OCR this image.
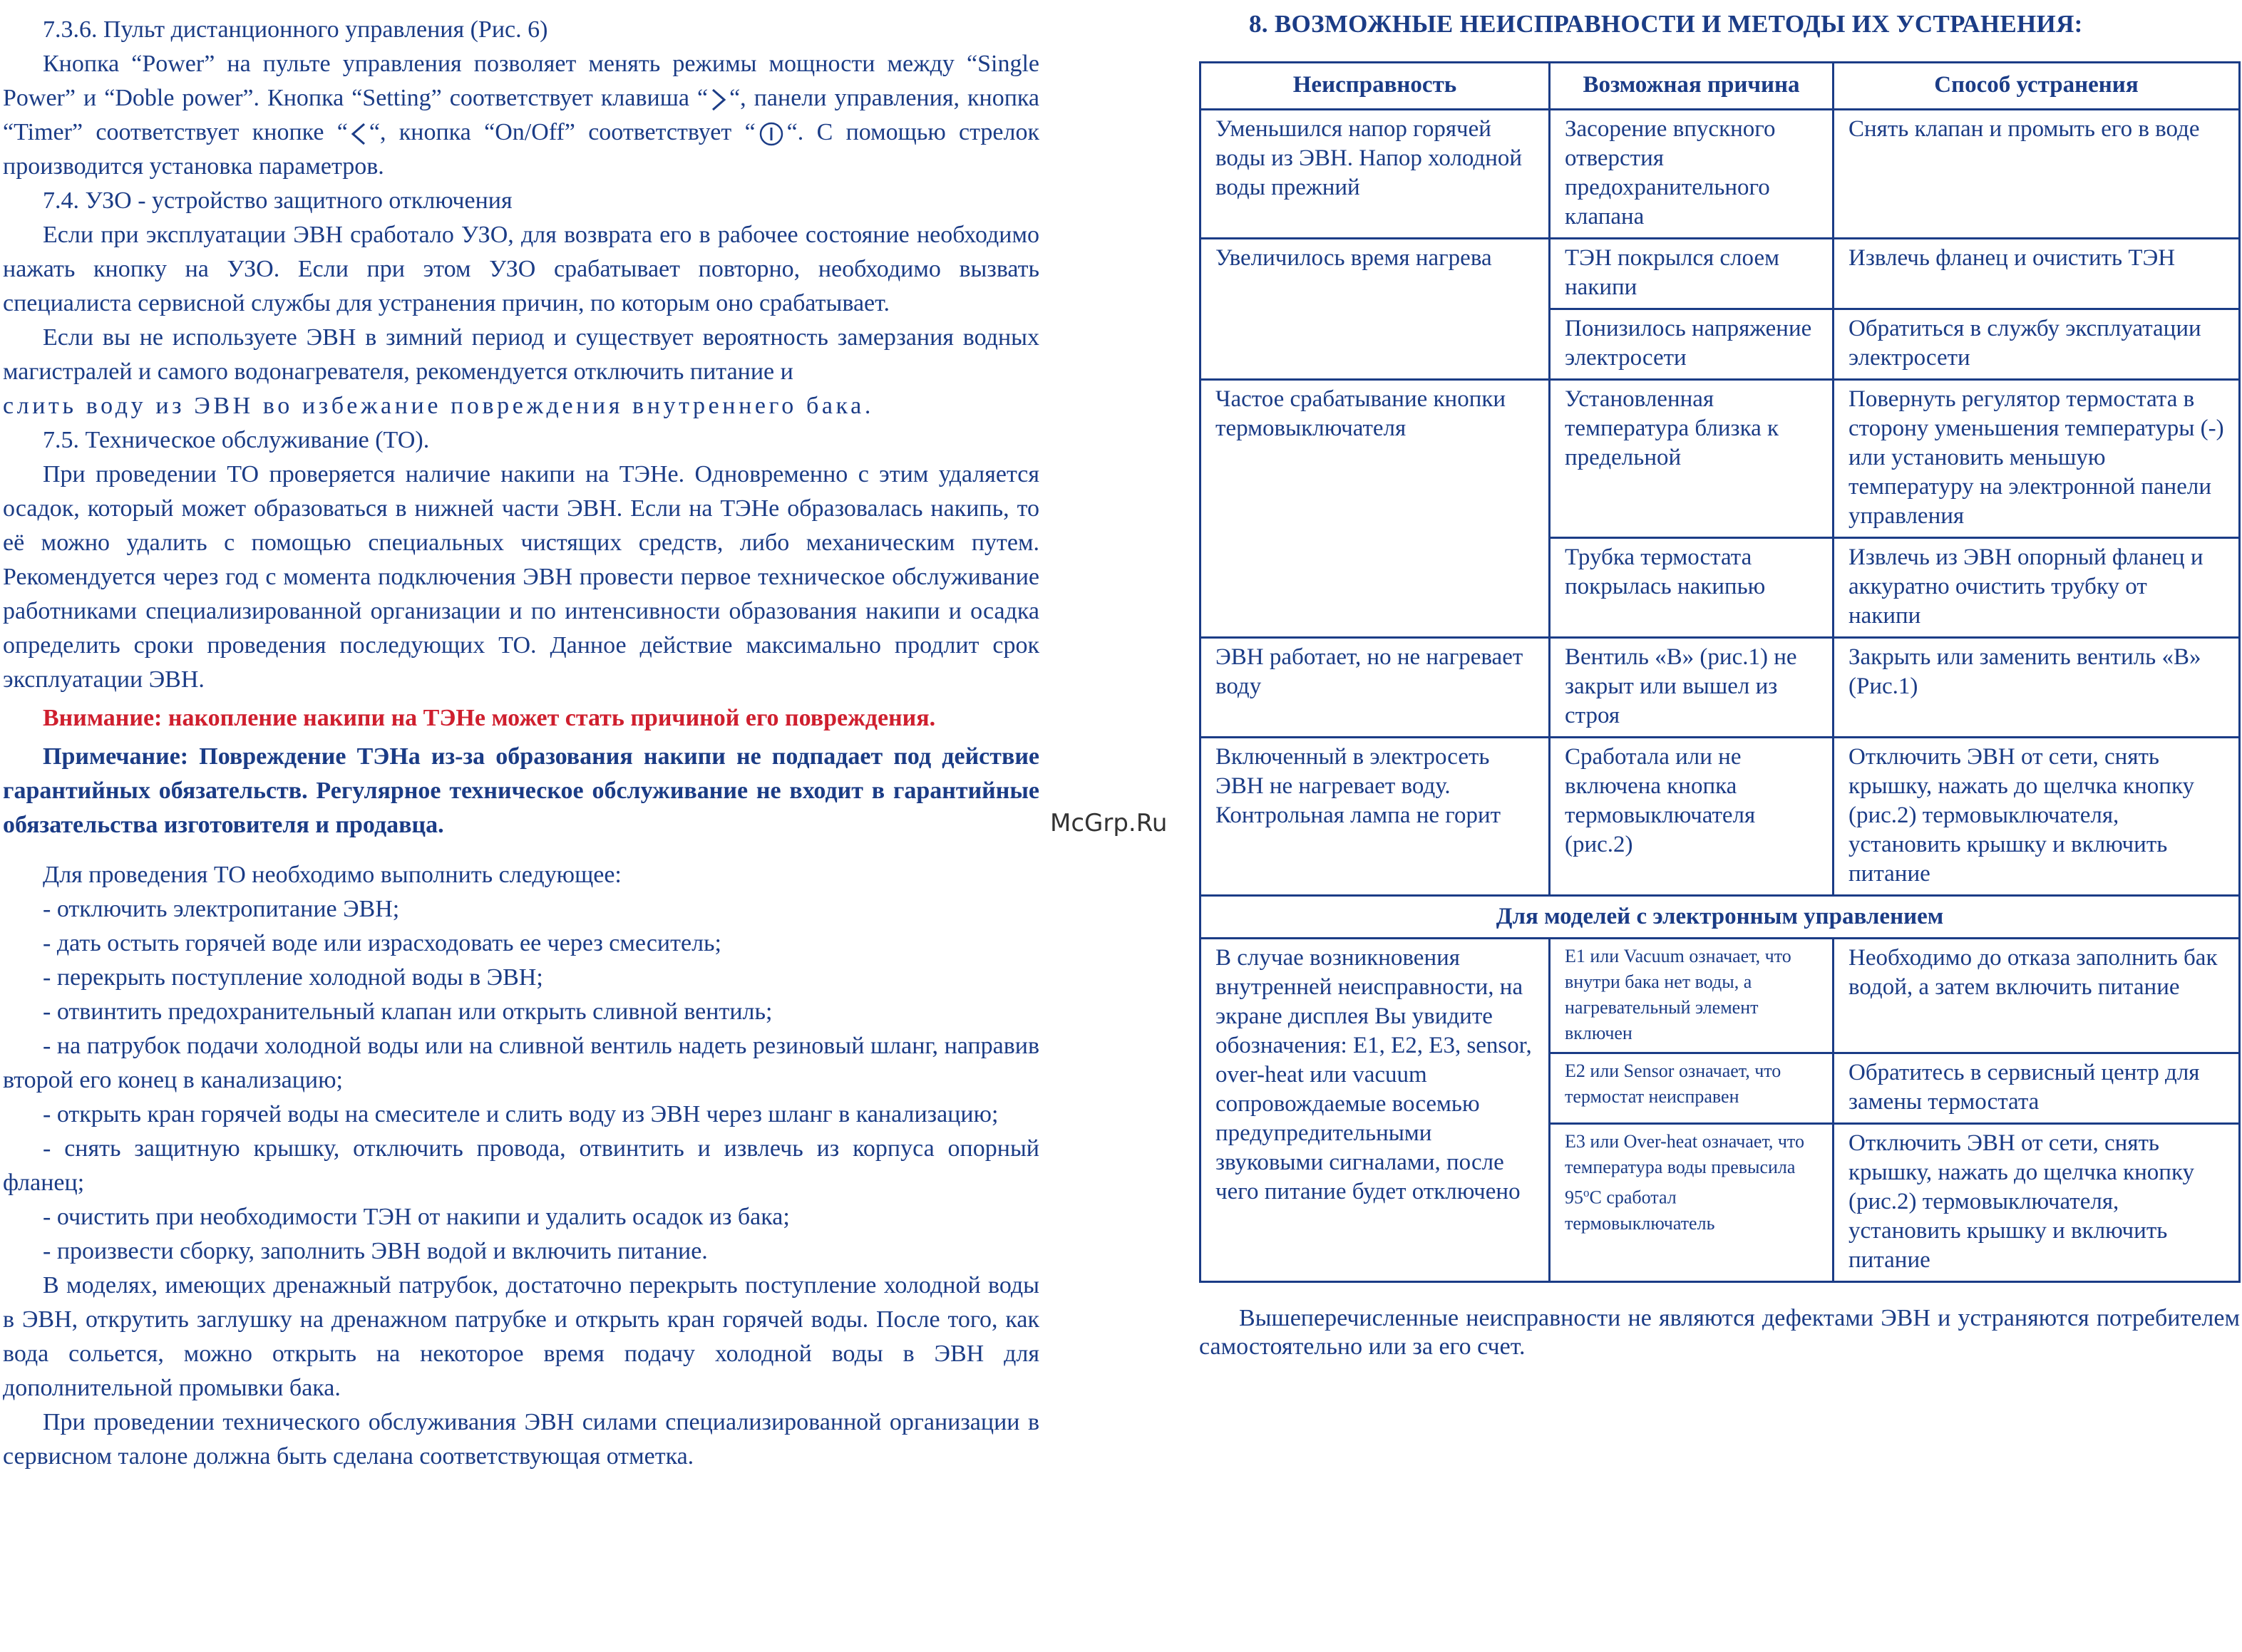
7.3.6. Пульт дистанционного управления (Рис. 6)

Кнопка “Power” на пульте управления позволяет менять режимы мощности между “Single Power” и “Doble power”. Кнопка “Setting” соответствует клавиша “ “, панели управления, кнопка “Timer” соответствует кнопке “ “, кнопка “On/Off” соответствует “ “. С помощью стрелок производится установка параметров.

7.4. УЗО - устройство защитного отключения

Если при эксплуатации ЭВН сработало УЗО, для возврата его в рабочее состояние необходимо нажать кнопку на УЗО. Если при этом УЗО срабатывает повторно, необходимо вызвать специалиста сервисной службы для устранения причин, по которым оно срабатывает.

Если вы не используете ЭВН в зимний период и существует вероятность замерзания водных магистралей и самого водонагревателя, рекомендуется отключить питание и

слить воду из ЭВН во избежание повреждения внутреннего бака.

7.5. Техническое обслуживание (ТО).

При проведении ТО проверяется наличие накипи на ТЭНе. Одновременно с этим удаляется осадок, который может образоваться в нижней части ЭВН. Если на ТЭНе образовалась накипь, то её можно удалить с помощью специальных чистящих средств, либо механическим путем. Рекомендуется через год с момента подключения ЭВН провести первое техническое обслуживание работниками специализированной организации и по интенсивности образования накипи и осадка определить сроки проведения последующих ТО. Данное действие максимально продлит срок эксплуатации ЭВН.

Внимание: накопление накипи на ТЭНе может стать причиной его повреждения.

Примечание: Повреждение ТЭНа из-за образования накипи не подпадает под действие гарантийных обязательств. Регулярное техническое обслуживание не входит в гарантийные обязательства изготовителя и продавца.

Для проведения ТО необходимо выполнить следующее:

- отключить электропитание ЭВН;

- дать остыть горячей воде или израсходовать ее через смеситель;

- перекрыть поступление холодной воды в ЭВН;

- отвинтить предохранительный клапан или открыть сливной вентиль;

- на патрубок подачи холодной воды или на сливной вентиль надеть резиновый шланг, направив второй его конец в канализацию;

- открыть кран горячей воды на смесителе и слить воду из ЭВН через шланг в канализацию;

- снять защитную крышку, отключить провода, отвинтить и извлечь из корпуса опорный фланец;

- очистить при необходимости ТЭН от накипи и удалить осадок из бака;

- произвести сборку, заполнить ЭВН водой и включить питание.

В моделях, имеющих дренажный патрубок, достаточно перекрыть поступление холодной воды в ЭВН, открутить заглушку на дренажном патрубке и открыть кран горячей воды. После того, как вода сольется, можно открыть на некоторое время подачу холодной воды в ЭВН для дополнительной промывки бака.

При проведении технического обслуживания ЭВН силами специализированной организации в сервисном талоне должна быть сделана соответствующая отметка.

McGrp.Ru
8. ВОЗМОЖНЫЕ НЕИСПРАВНОСТИ И МЕТОДЫ ИХ УСТРАНЕНИЯ:
Неисправность	Возможная причина	Способ устранения
Уменьшился напор горячей воды из ЭВН. Напор холодной воды прежний	Засорение впускного отверстия предохранительного клапана	Снять клапан и промыть его в воде
Увеличилось время нагрева	ТЭН покрылся слоем накипи	Извлечь фланец и очистить ТЭН
	Понизилось напряжение электросети	Обратиться в службу эксплуатации электросети
Частое срабатывание кнопки термовыключателя	Установленная температура близка к предельной	Повернуть регулятор термостата в сторону уменьшения температуры (-) или установить меньшую температуру на электронной панели управления
	Трубка термостата покрылась накипью	Извлечь из ЭВН опорный фланец и аккуратно очистить трубку от накипи
ЭВН работает, но не нагревает воду	Вентиль «В» (рис.1) не закрыт или вышел из строя	Закрыть или заменить вентиль «В» (Рис.1)
Включенный в электросеть ЭВН не нагревает воду. Контрольная лампа не горит	Сработала или не включена кнопка термовыключателя (рис.2)	Отключить ЭВН от сети, снять крышку, нажать до щелчка кнопку (рис.2) термовыключателя, установить крышку и включить питание
Для моделей с электронным управлением		
В случае возникновения внутренней неисправности, на экране дисплея Вы увидите обозначения: Е1, Е2, Е3, sensor, over-heat или vacuum сопровождаемые восемью предупредительными звуковыми сигналами, после чего питание будет отключено	E1 или Vacuum означает, что внутри бака нет воды, а нагревательный элемент включен	Необходимо до отказа заполнить бак водой, а затем включить питание
	E2 или Sensor означает, что термостат неисправен	Обратитесь в сервисный центр для замены термостата
	E3 или Over-heat означает, что температура воды превысила $95^оС$ сработал термовыключатель	Отключить ЭВН от сети, снять крышку, нажать до щелчка кнопку (рис.2) термовыключателя, установить крышку и включить питание

Вышеперечисленные неисправности не являются дефектами ЭВН и устраняются потребителем самостоятельно или за его счет.
